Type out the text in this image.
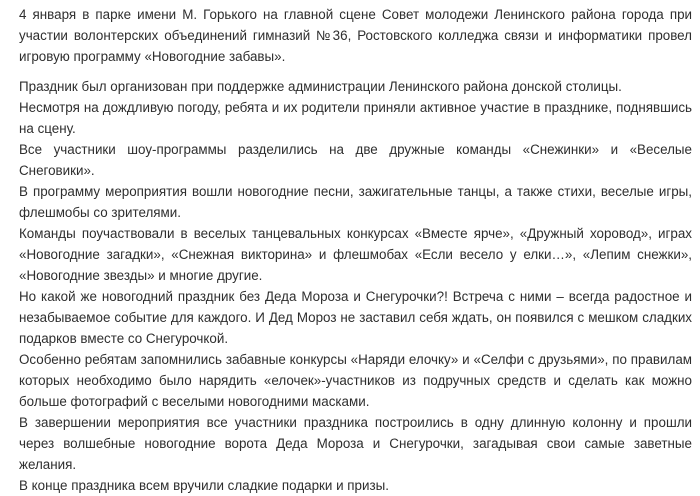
4 января в парке имени М. Горького на главной сцене Совет молодежи Ленинского района города при участии волонтерских объединений гимназий №36, Ростовского колледжа связи и информатики провел игровую программу «Новогодние забавы».

Праздник был организован при поддержке администрации Ленинского района донской столицы.

Несмотря на дождливую погоду, ребята и их родители приняли активное участие в празднике, поднявшись на сцену.

Все участники шоу-программы разделились на две дружные команды «Снежинки» и «Веселые Снеговики».

В программу мероприятия вошли новогодние песни, зажигательные танцы, а также стихи, веселые игры, флешмобы со зрителями.

Команды поучаствовали в веселых танцевальных конкурсах «Вместе ярче», «Дружный хоровод», играх «Новогодние загадки», «Снежная викторина» и флешмобах «Если весело у елки…», «Лепим снежки», «Новогодние звезды» и многие другие.

Но какой же новогодний праздник без Деда Мороза и Снегурочки?! Встреча с ними – всегда радостное и незабываемое событие для каждого. И Дед Мороз не заставил себя ждать, он появился с мешком сладких подарков вместе со Снегурочкой.

Особенно ребятам запомнились забавные конкурсы «Наряди елочку» и «Селфи с друзьями», по правилам которых необходимо было нарядить «елочек»-участников из подручных средств и сделать как можно больше фотографий с веселыми новогодними масками.

В завершении мероприятия все участники праздника построились в одну длинную колонну и прошли через волшебные новогодние ворота Деда Мороза и Снегурочки, загадывая свои самые заветные желания.

В конце праздника всем вручили сладкие подарки и призы.
